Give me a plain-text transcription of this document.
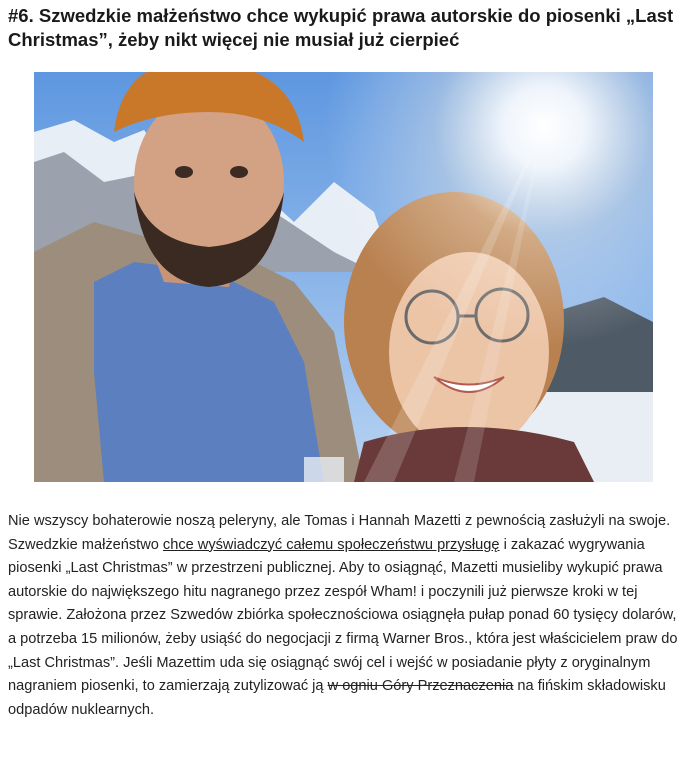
#6. Szwedzkie małżeństwo chce wykupić prawa autorskie do piosenki „Last Christmas”, żeby nikt więcej nie musiał już cierpieć

Nie wszyscy bohaterowie noszą peleryny, ale Tomas i Hannah Mazetti z pewnością zasłużyli na swoje. Szwedzkie małżeństwo chce wyświadczyć całemu społeczeństwu przysługę i zakazać wygrywania piosenki „Last Christmas” w przestrzeni publicznej. Aby to osiągnąć, Mazetti musieliby wykupić prawa autorskie do największego hitu nagranego przez zespół Wham! i poczynili już pierwsze kroki w tej sprawie. Założona przez Szwedów zbiórka społecznościowa osiągnęła pułap ponad 60 tysięcy dolarów, a potrzeba 15 milionów, żeby usiąść do negocjacji z firmą Warner Bros., która jest właścicielem praw do „Last Christmas”. Jeśli Mazettim uda się osiągnąć swój cel i wejść w posiadanie płyty z oryginalnym nagraniem piosenki, to zamierzają zutylizować ją w ogniu Góry Przeznaczenia na fińskim składowisku odpadów nuklearnych.
